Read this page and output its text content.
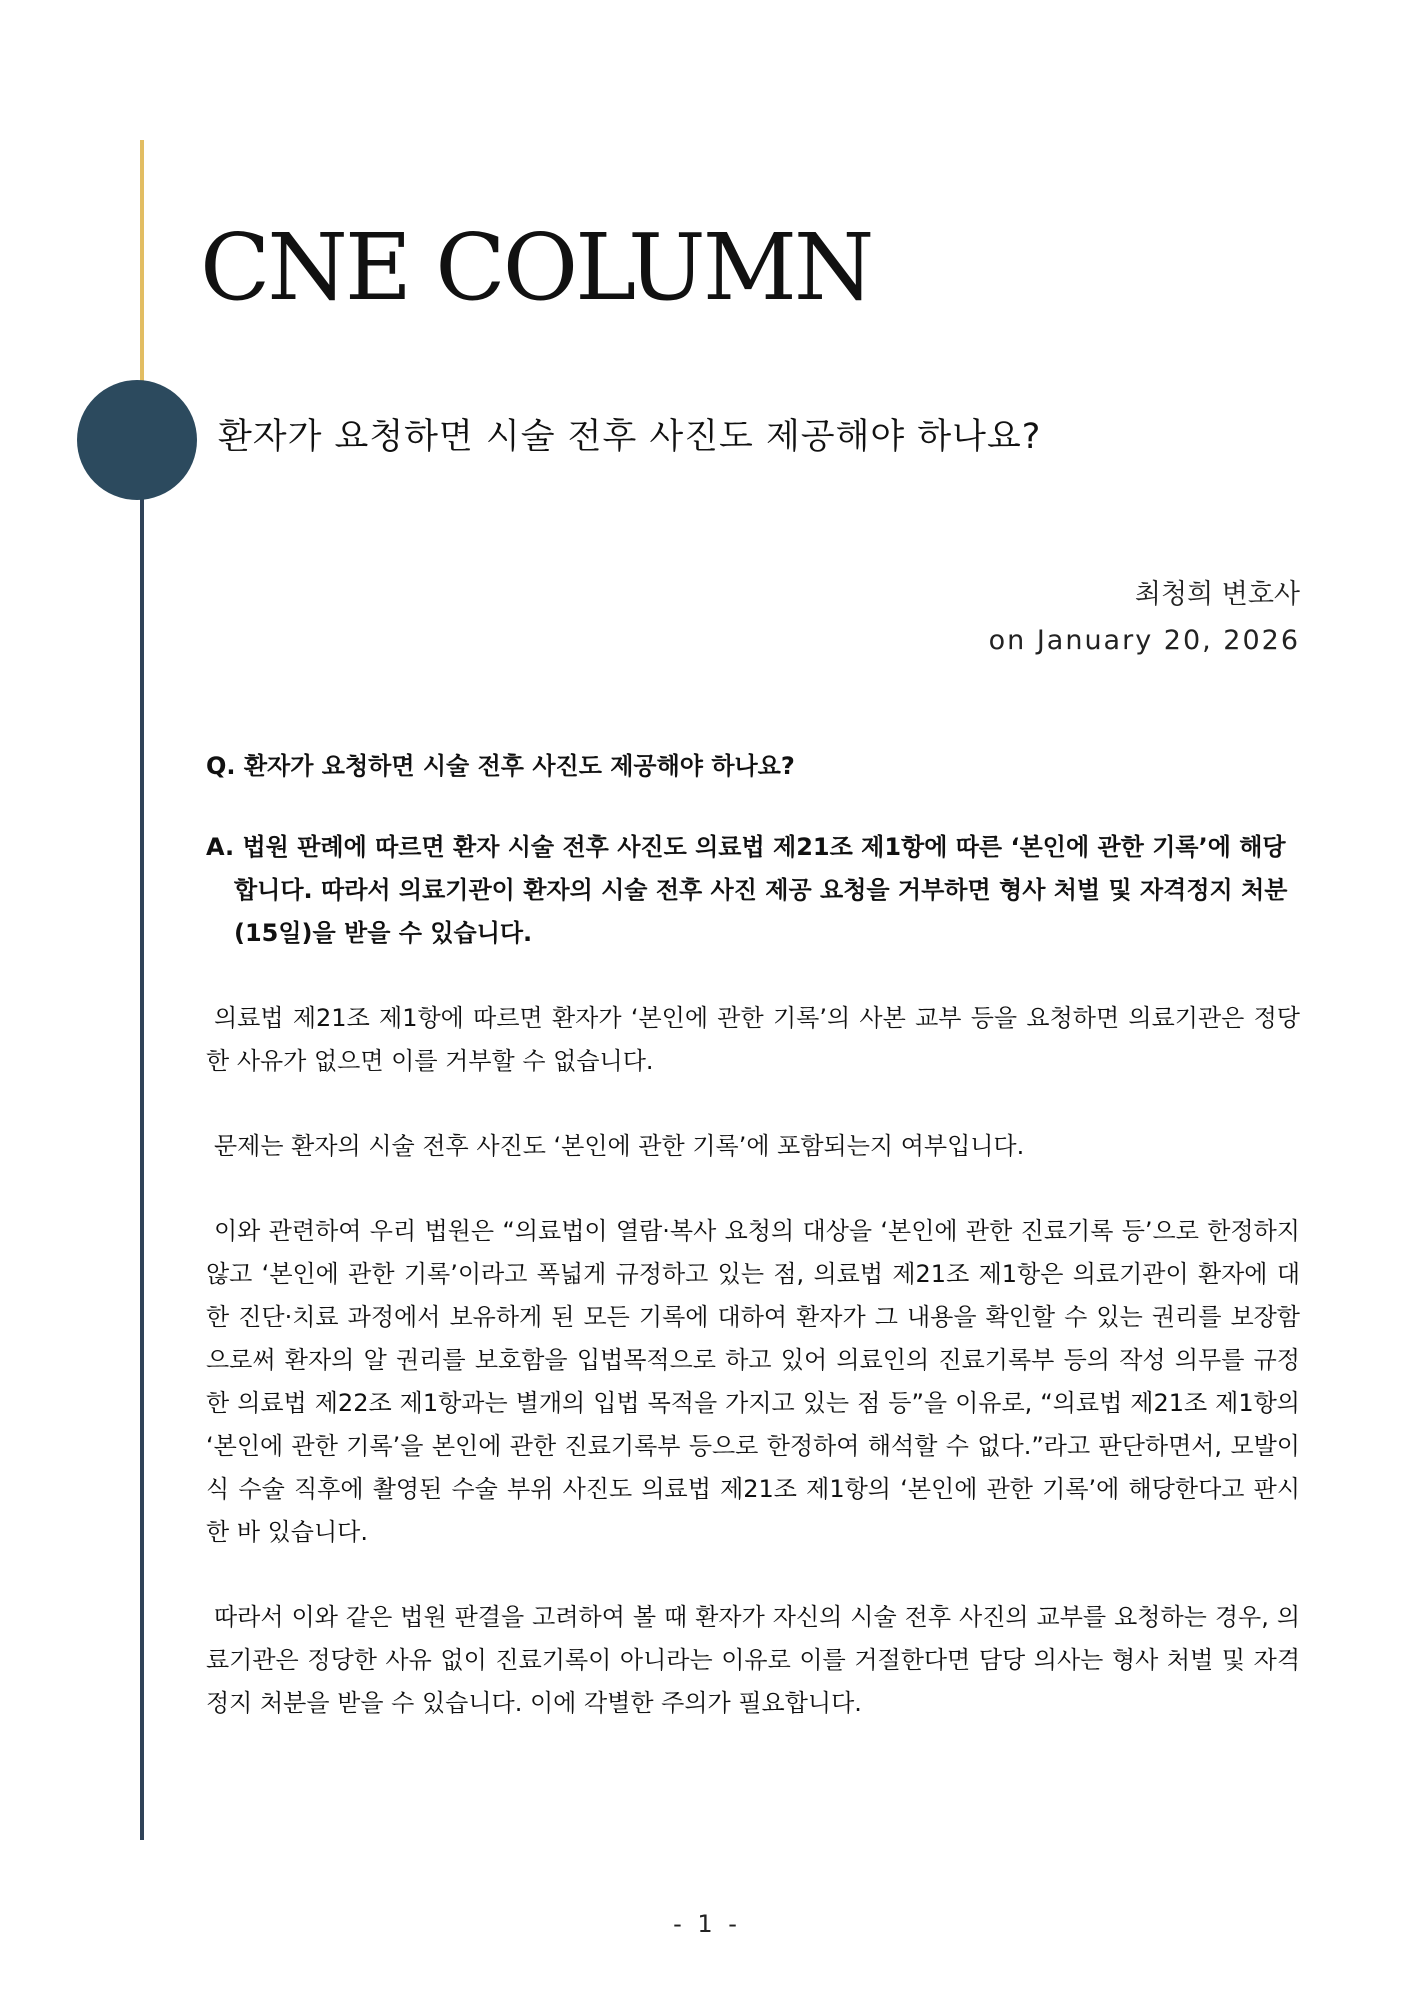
CNE COLUMN
환자가 요청하면 시술 전후 사진도 제공해야 하나요?
최청희 변호사
on January 20, 2026

Q. 환자가 요청하면 시술 전후 사진도 제공해야 하나요?

A. 법원 판례에 따르면 환자 시술 전후 사진도 의료법 제21조 제1항에 따른 ‘본인에 관한 기록’에 해당합니다. 따라서 의료기관이 환자의 시술 전후 사진 제공 요청을 거부하면 형사 처벌 및 자격정지 처분(15일)을 받을 수 있습니다.

의료법 제21조 제1항에 따르면 환자가 ‘본인에 관한 기록’의 사본 교부 등을 요청하면 의료기관은 정당한 사유가 없으면 이를 거부할 수 없습니다.

문제는 환자의 시술 전후 사진도 ‘본인에 관한 기록’에 포함되는지 여부입니다.

이와 관련하여 우리 법원은 “의료법이 열람·복사 요청의 대상을 ‘본인에 관한 진료기록 등’으로 한정하지 않고 ‘본인에 관한 기록’이라고 폭넓게 규정하고 있는 점, 의료법 제21조 제1항은 의료기관이 환자에 대한 진단·치료 과정에서 보유하게 된 모든 기록에 대하여 환자가 그 내용을 확인할 수 있는 권리를 보장함으로써 환자의 알 권리를 보호함을 입법목적으로 하고 있어 의료인의 진료기록부 등의 작성 의무를 규정한 의료법 제22조 제1항과는 별개의 입법 목적을 가지고 있는 점 등”을 이유로, “의료법 제21조 제1항의 ‘본인에 관한 기록’을 본인에 관한 진료기록부 등으로 한정하여 해석할 수 없다.”라고 판단하면서, 모발이식 수술 직후에 촬영된 수술 부위 사진도 의료법 제21조 제1항의 ‘본인에 관한 기록’에 해당한다고 판시한 바 있습니다.

따라서 이와 같은 법원 판결을 고려하여 볼 때 환자가 자신의 시술 전후 사진의 교부를 요청하는 경우, 의료기관은 정당한 사유 없이 진료기록이 아니라는 이유로 이를 거절한다면 담당 의사는 형사 처벌 및 자격정지 처분을 받을 수 있습니다. 이에 각별한 주의가 필요합니다.

- 1 -
